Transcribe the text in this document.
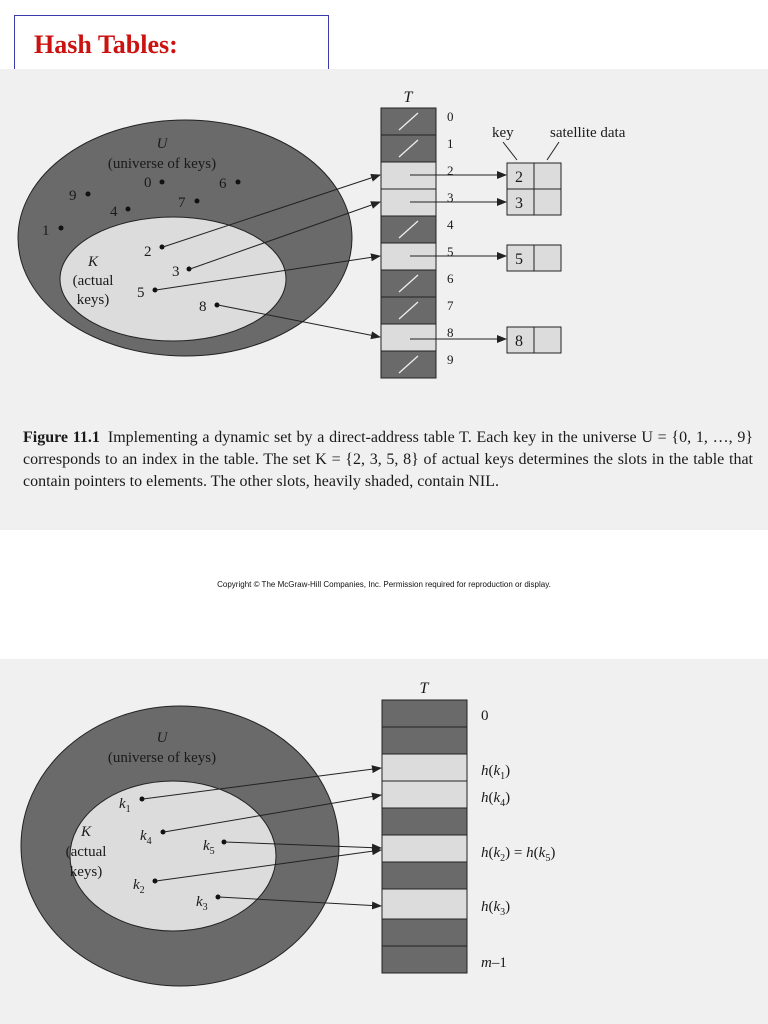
Hash Tables:
U
(universe of keys)
0	6
9
4
7
1
K
(actual
keys)
2
3
5
8
T
0
1
2
3
4
5
6
7
8
9
key satellite data
2
3
5
8
U
(universe of keys)
K
(actual
keys)
$k_1$
$k_4$	$k_5$
$k_2$
$k_3$
T
0
$h(k_1)$
$h(k_4)$
$h(k_2) = h(k_5)$
$h(k_3)$
m–1
Figure 11.1 Implementing a dynamic set by a direct-address table T. Each key in the universe U = {0, 1, …, 9} corresponds to an index in the table. The set K = {2, 3, 5, 8} of actual keys determines the slots in the table that contain pointers to elements. The other slots, heavily shaded, contain NIL.
Copyright © The McGraw-Hill Companies, Inc. Permission required for reproduction or display.
